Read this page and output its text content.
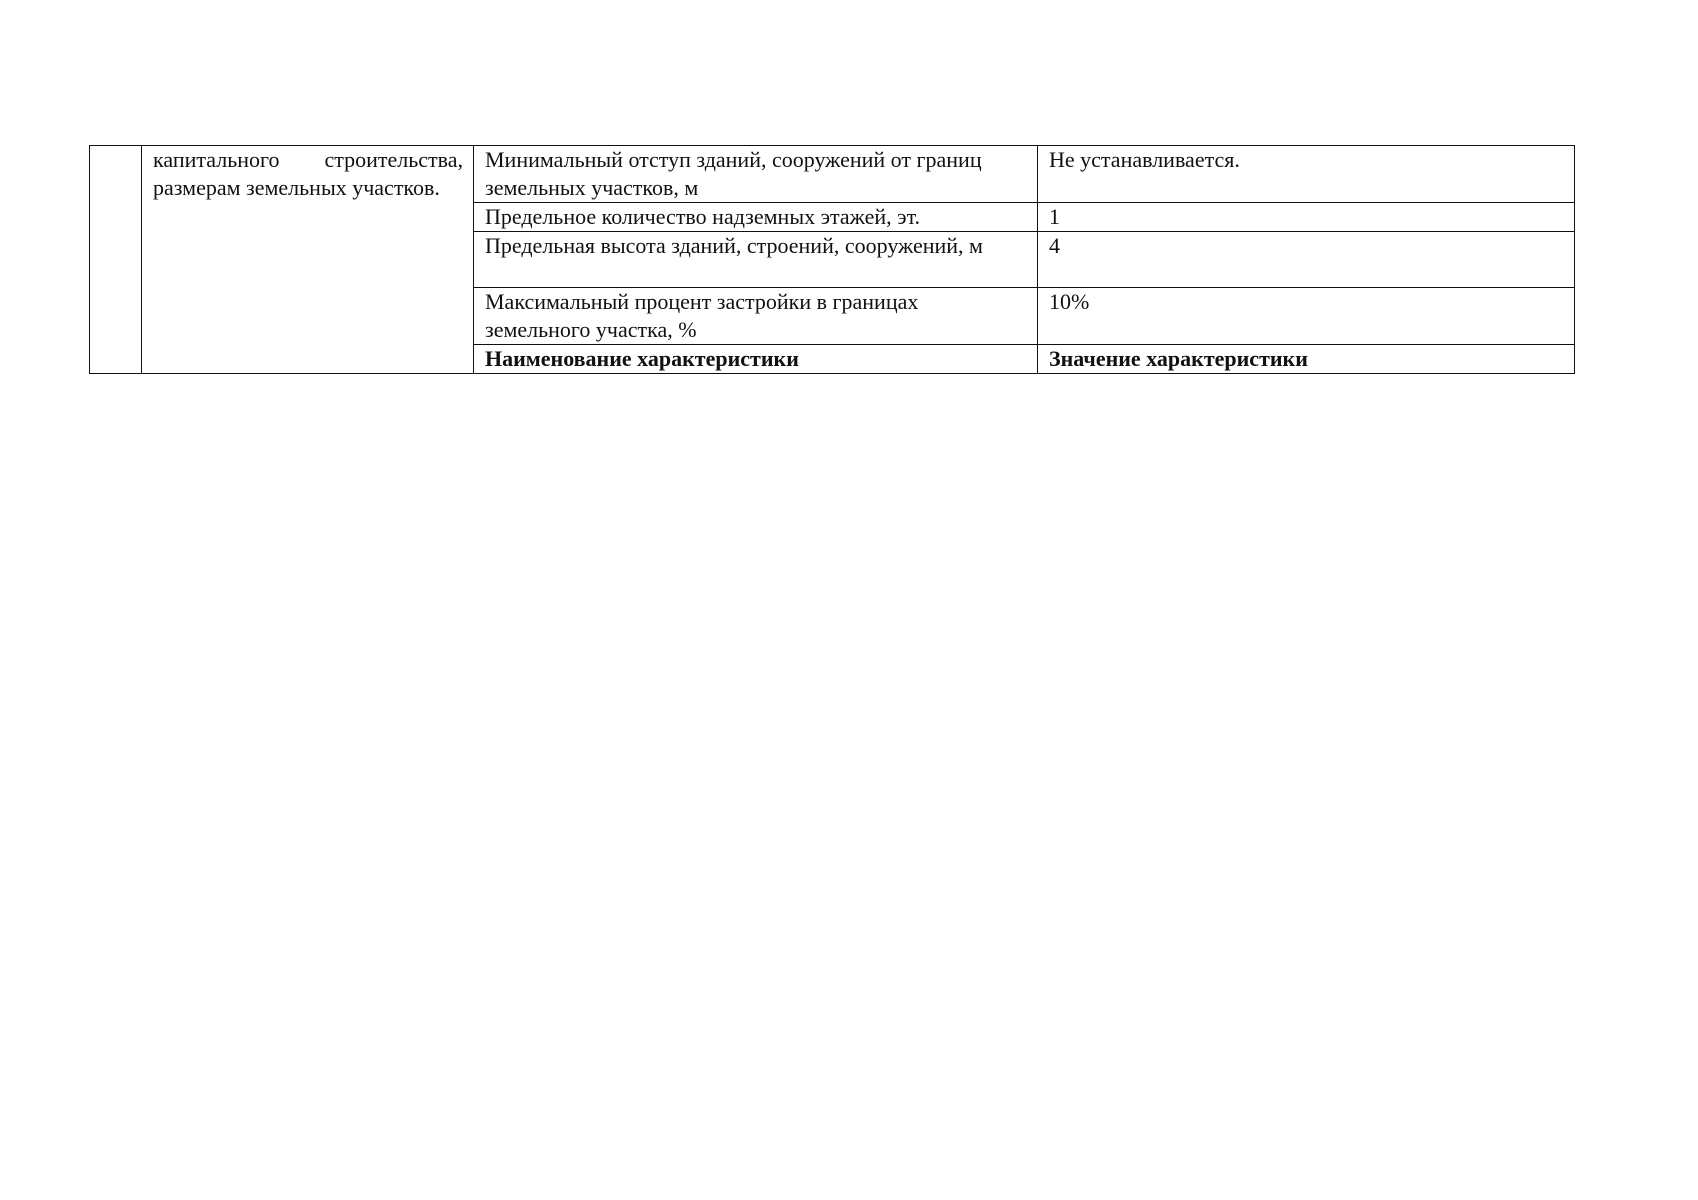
	капитального строительства, размерам земельных участков.	Минимальный отступ зданий, сооружений от границ земельных участков, м	Не устанавливается.
		Предельное количество надземных этажей, эт.	1
		Предельная высота зданий, строений, сооружений, м	4
		Максимальный процент застройки в границах земельного участка, %	10%
		Наименование характеристики	Значение характеристики
